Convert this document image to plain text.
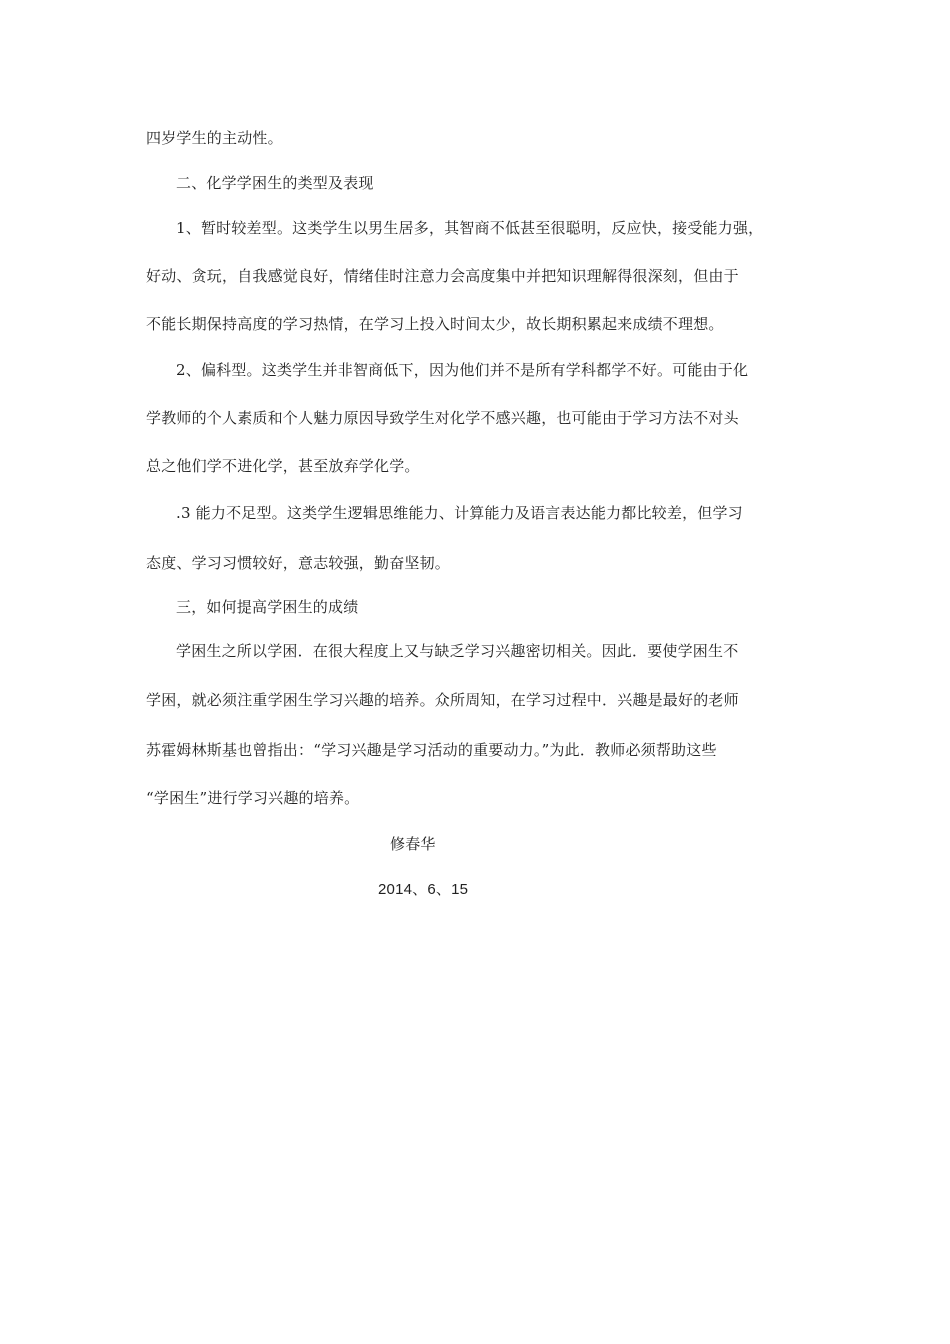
四岁学生的主动性。
二、化学学困生的类型及表现
1、暂时较差型。这类学生以男生居多，其智商不低甚至很聪明，反应快，接受能力强，
好动、贪玩，自我感觉良好，情绪佳时注意力会高度集中并把知识理解得很深刻，但由于
不能长期保持高度的学习热情，在学习上投入时间太少，故长期积累起来成绩不理想。
2、偏科型。这类学生并非智商低下，因为他们并不是所有学科都学不好。可能由于化
学教师的个人素质和个人魅力原因导致学生对化学不感兴趣，也可能由于学习方法不对头
总之他们学不进化学，甚至放弃学化学。
.3 能力不足型。这类学生逻辑思维能力、计算能力及语言表达能力都比较差，但学习
态度、学习习惯较好，意志较强，勤奋坚韧。
三，如何提高学困生的成绩
学困生之所以学困．在很大程度上又与缺乏学习兴趣密切相关。因此．要使学困生不
学困，就必须注重学困生学习兴趣的培养。众所周知，在学习过程中．兴趣是最好的老师
苏霍姆林斯基也曾指出：“学习兴趣是学习活动的重要动力。”为此．教师必须帮助这些
“学困生”进行学习兴趣的培养。
修春华
2014、6、15
